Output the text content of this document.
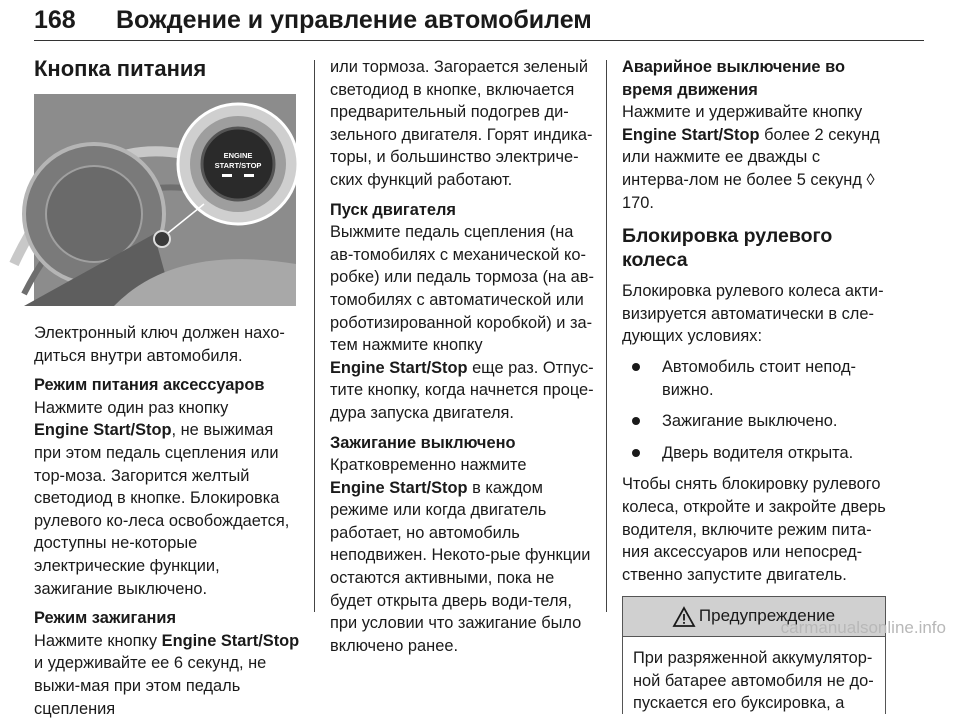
168 Вождение и управление автомобилем
Кнопка питания
ENGINE
START/STOP

Электронный ключ должен нахо-диться внутри автомобиля.

Режим питания аксессуаров

Нажмите один раз кнопку
Engine Start/Stop, не выжимая при этом педаль сцепления или тор-моза. Загорится желтый светодиод в кнопке. Блокировка рулевого ко-леса освобождается, доступны не-которые электрические функции, зажигание выключено.

Режим зажигания

Нажмите кнопку Engine Start/Stop и удерживайте ее 6 секунд, не выжи-мая при этом педаль сцепления

или тормоза. Загорается зеленый светодиод в кнопке, включается предварительный подогрев ди-зельного двигателя. Горят индика-торы, и большинство электриче-ских функций работают.

Пуск двигателя

Выжмите педаль сцепления (на ав-томобилях с механической ко-робке) или педаль тормоза (на ав-томобилях с автоматической или роботизированной коробкой) и за-тем нажмите кнопку
Engine Start/Stop еще раз. Отпус-тите кнопку, когда начнется проце-дура запуска двигателя.

Зажигание выключено

Кратковременно нажмите
Engine Start/Stop в каждом режиме или когда двигатель работает, но автомобиль неподвижен. Некото-рые функции остаются активными, пока не будет открыта дверь води-теля, при условии что зажигание было включено ранее.

Аварийное выключение во время движения

Нажмите и удерживайте кнопку
Engine Start/Stop более 2 секунд или нажмите ее дважды с интерва-лом не более 5 секунд ◊ 170.

Блокировка рулевого колеса

Блокировка рулевого колеса акти-визируется автоматически в сле-дующих условиях:

Автомобиль стоит непод-вижно.
Зажигание выключено.
Дверь водителя открыта.

Чтобы снять блокировку рулевого колеса, откройте и закройте дверь водителя, включите режим пита-ния аксессуаров или непосред-ственно запустите двигатель.

Предупреждение
При разряженной аккумулятор-ной батарее автомобиля не до-пускается его буксировка, а
carmanualsonline.info
